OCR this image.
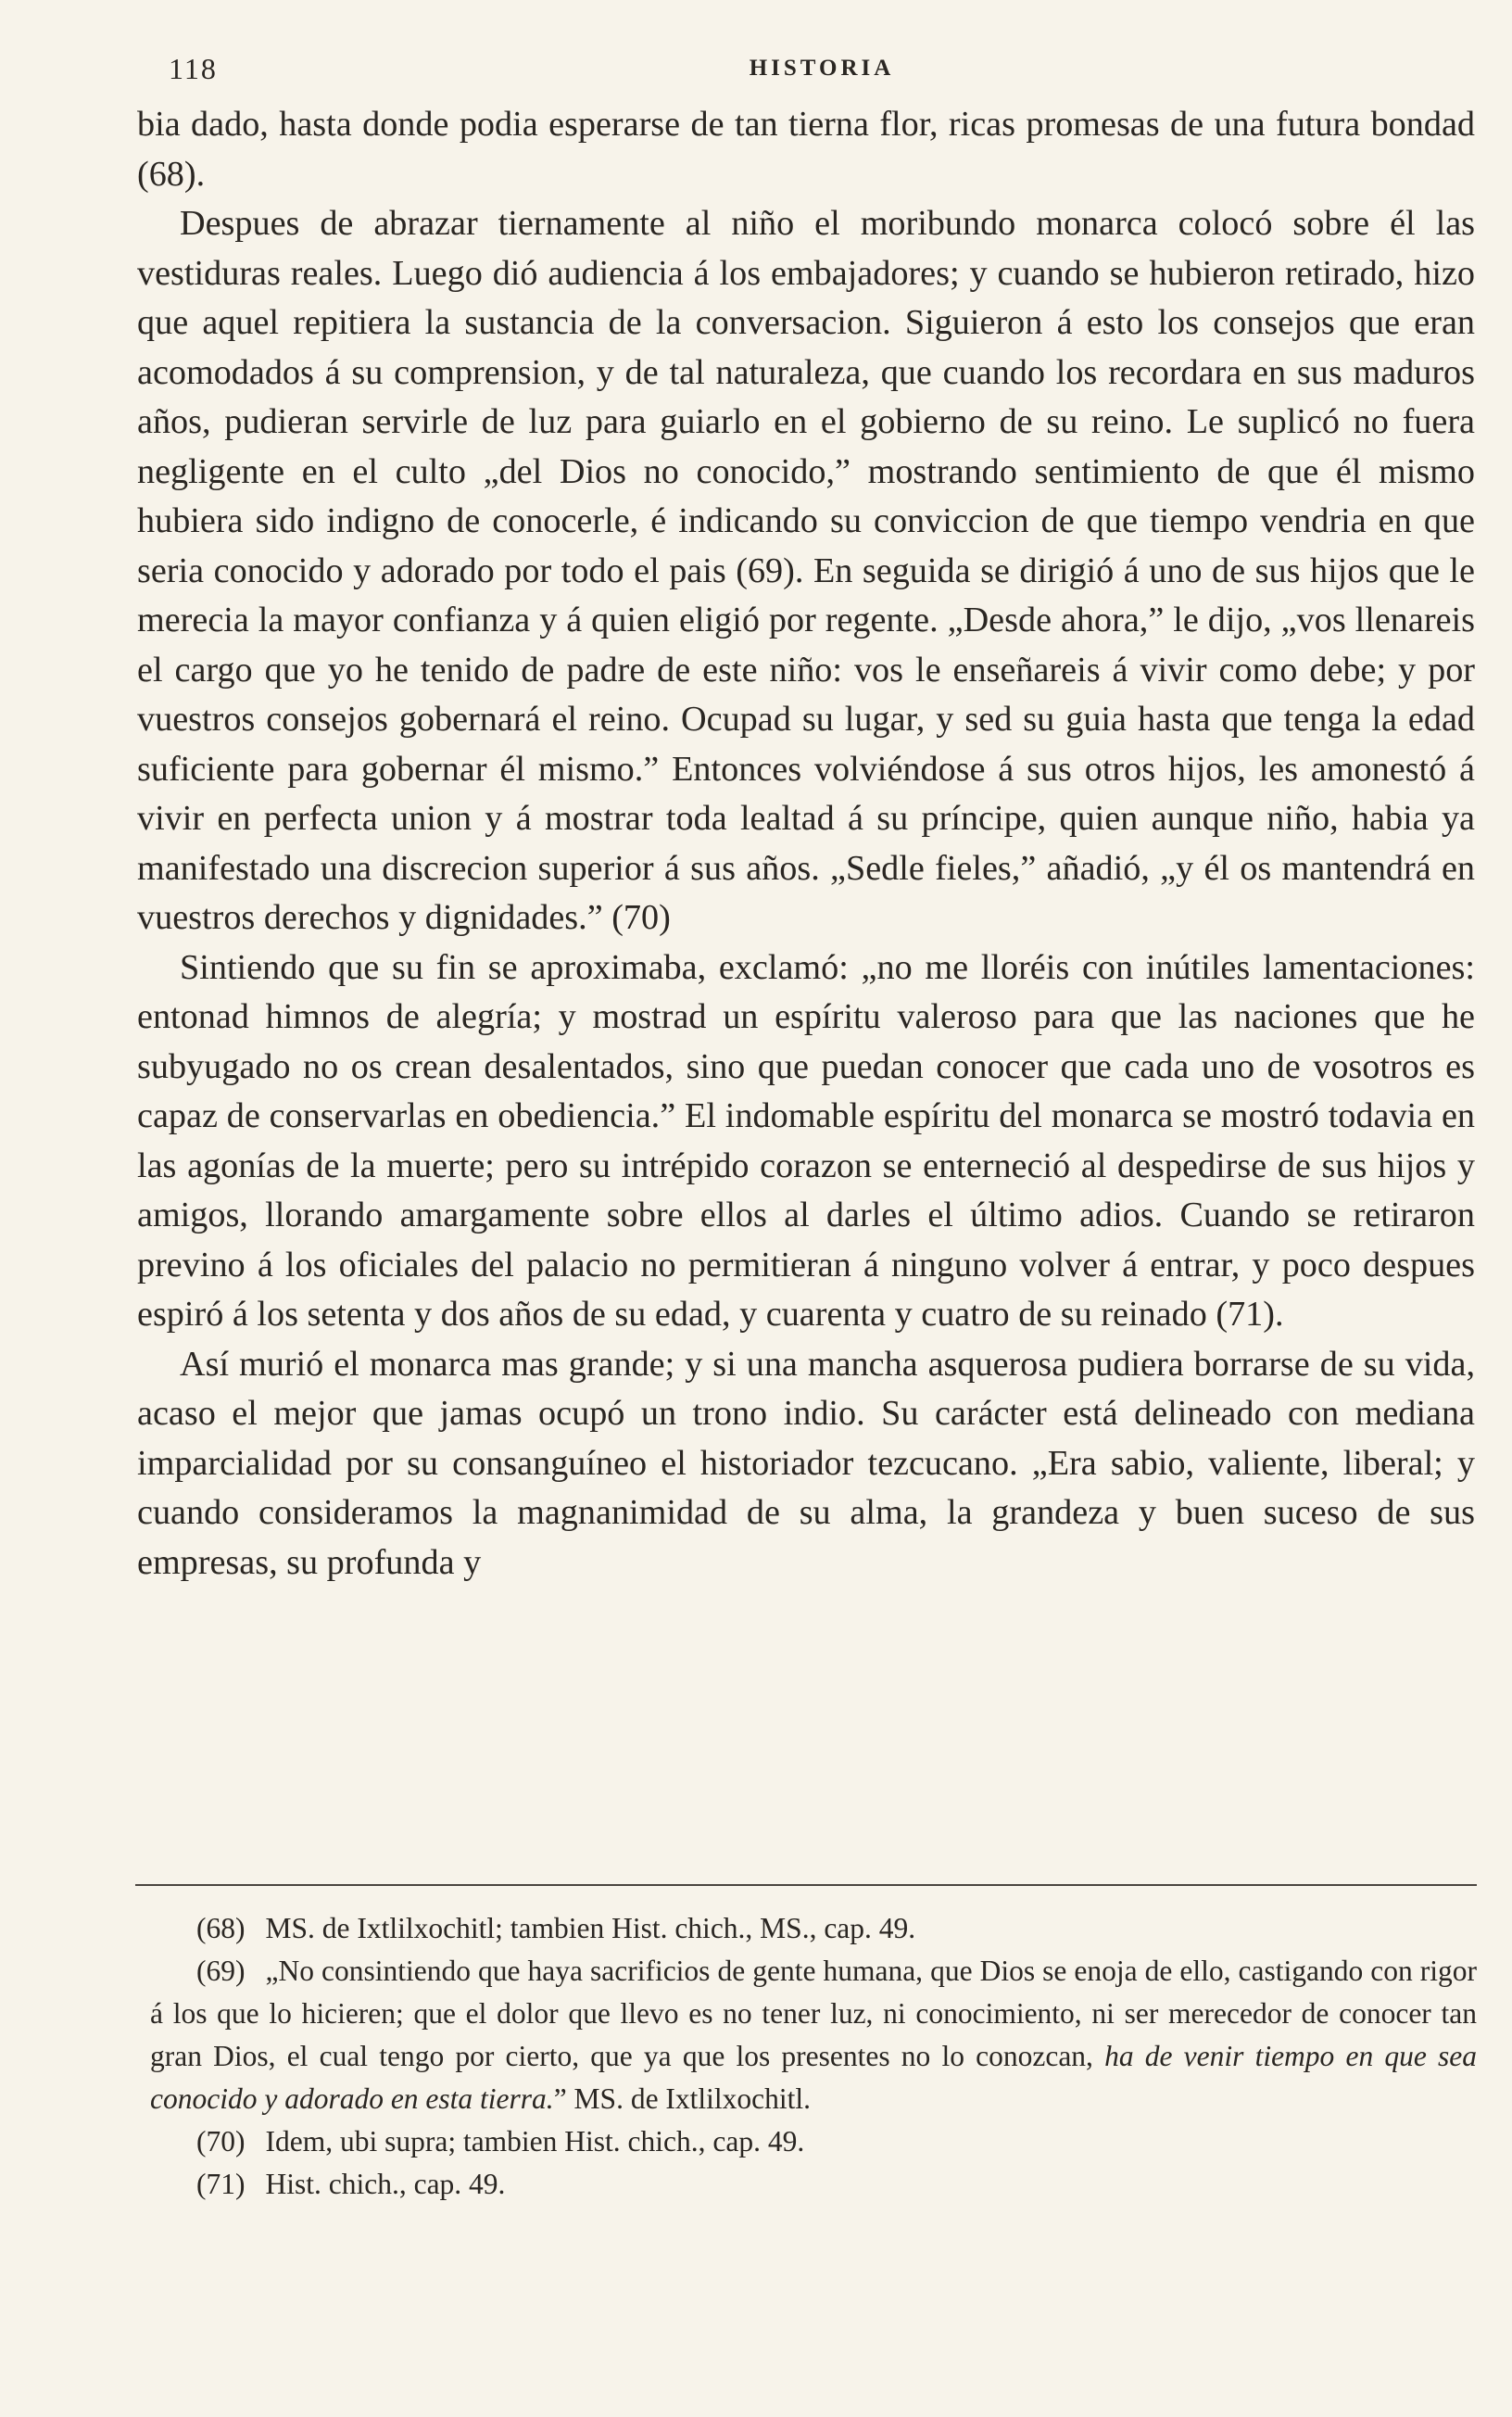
118	HISTORIA

bia dado, hasta donde podia esperarse de tan tierna flor, ricas promesas de una futura bondad (68).

Despues de abrazar tiernamente al niño el moribundo monarca colocó sobre él las vestiduras reales. Luego dió audiencia á los embajadores; y cuando se hubieron retirado, hizo que aquel repitiera la sustancia de la conversacion. Siguieron á esto los consejos que eran acomodados á su comprension, y de tal naturaleza, que cuando los recordara en sus maduros años, pudieran servirle de luz para guiarlo en el gobierno de su reino. Le suplicó no fuera negligente en el culto „del Dios no conocido,” mostrando sentimiento de que él mismo hubiera sido indigno de conocerle, é indicando su conviccion de que tiempo vendria en que seria conocido y adorado por todo el pais (69). En seguida se dirigió á uno de sus hijos que le merecia la mayor confianza y á quien eligió por regente. „Desde ahora,” le dijo, „vos llenareis el cargo que yo he tenido de padre de este niño: vos le enseñareis á vivir como debe; y por vuestros consejos gobernará el reino. Ocupad su lugar, y sed su guia hasta que tenga la edad suficiente para gobernar él mismo.” Entonces volviéndose á sus otros hijos, les amonestó á vivir en perfecta union y á mostrar toda lealtad á su príncipe, quien aunque niño, habia ya manifestado una discrecion superior á sus años. „Sedle fieles,” añadió, „y él os mantendrá en vuestros derechos y dignidades.” (70)

Sintiendo que su fin se aproximaba, exclamó: „no me lloréis con inútiles lamentaciones: entonad himnos de alegría; y mostrad un espíritu valeroso para que las naciones que he subyugado no os crean desalentados, sino que puedan conocer que cada uno de vosotros es capaz de conservarlas en obediencia.” El indomable espíritu del monarca se mostró todavia en las agonías de la muerte; pero su intrépido corazon se enterneció al despedirse de sus hijos y amigos, llorando amargamente sobre ellos al darles el último adios. Cuando se retiraron previno á los oficiales del palacio no permitieran á ninguno volver á entrar, y poco despues espiró á los setenta y dos años de su edad, y cuarenta y cuatro de su reinado (71).

Así murió el monarca mas grande; y si una mancha asquerosa pudiera borrarse de su vida, acaso el mejor que jamas ocupó un trono indio. Su carácter está delineado con mediana imparcialidad por su consanguíneo el historiador tezcucano. „Era sabio, valiente, liberal; y cuando consideramos la magnanimidad de su alma, la grandeza y buen suceso de sus empresas, su profunda y

(68) MS. de Ixtlilxochitl; tambien Hist. chich., MS., cap. 49.

(69) „No consintiendo que haya sacrificios de gente humana, que Dios se enoja de ello, castigando con rigor á los que lo hicieren; que el dolor que llevo es no tener luz, ni conocimiento, ni ser merecedor de conocer tan gran Dios, el cual tengo por cierto, que ya que los presentes no lo conozcan, ha de venir tiempo en que sea conocido y adorado en esta tierra.” MS. de Ixtlilxochitl.

(70) Idem, ubi supra; tambien Hist. chich., cap. 49.

(71) Hist. chich., cap. 49.
